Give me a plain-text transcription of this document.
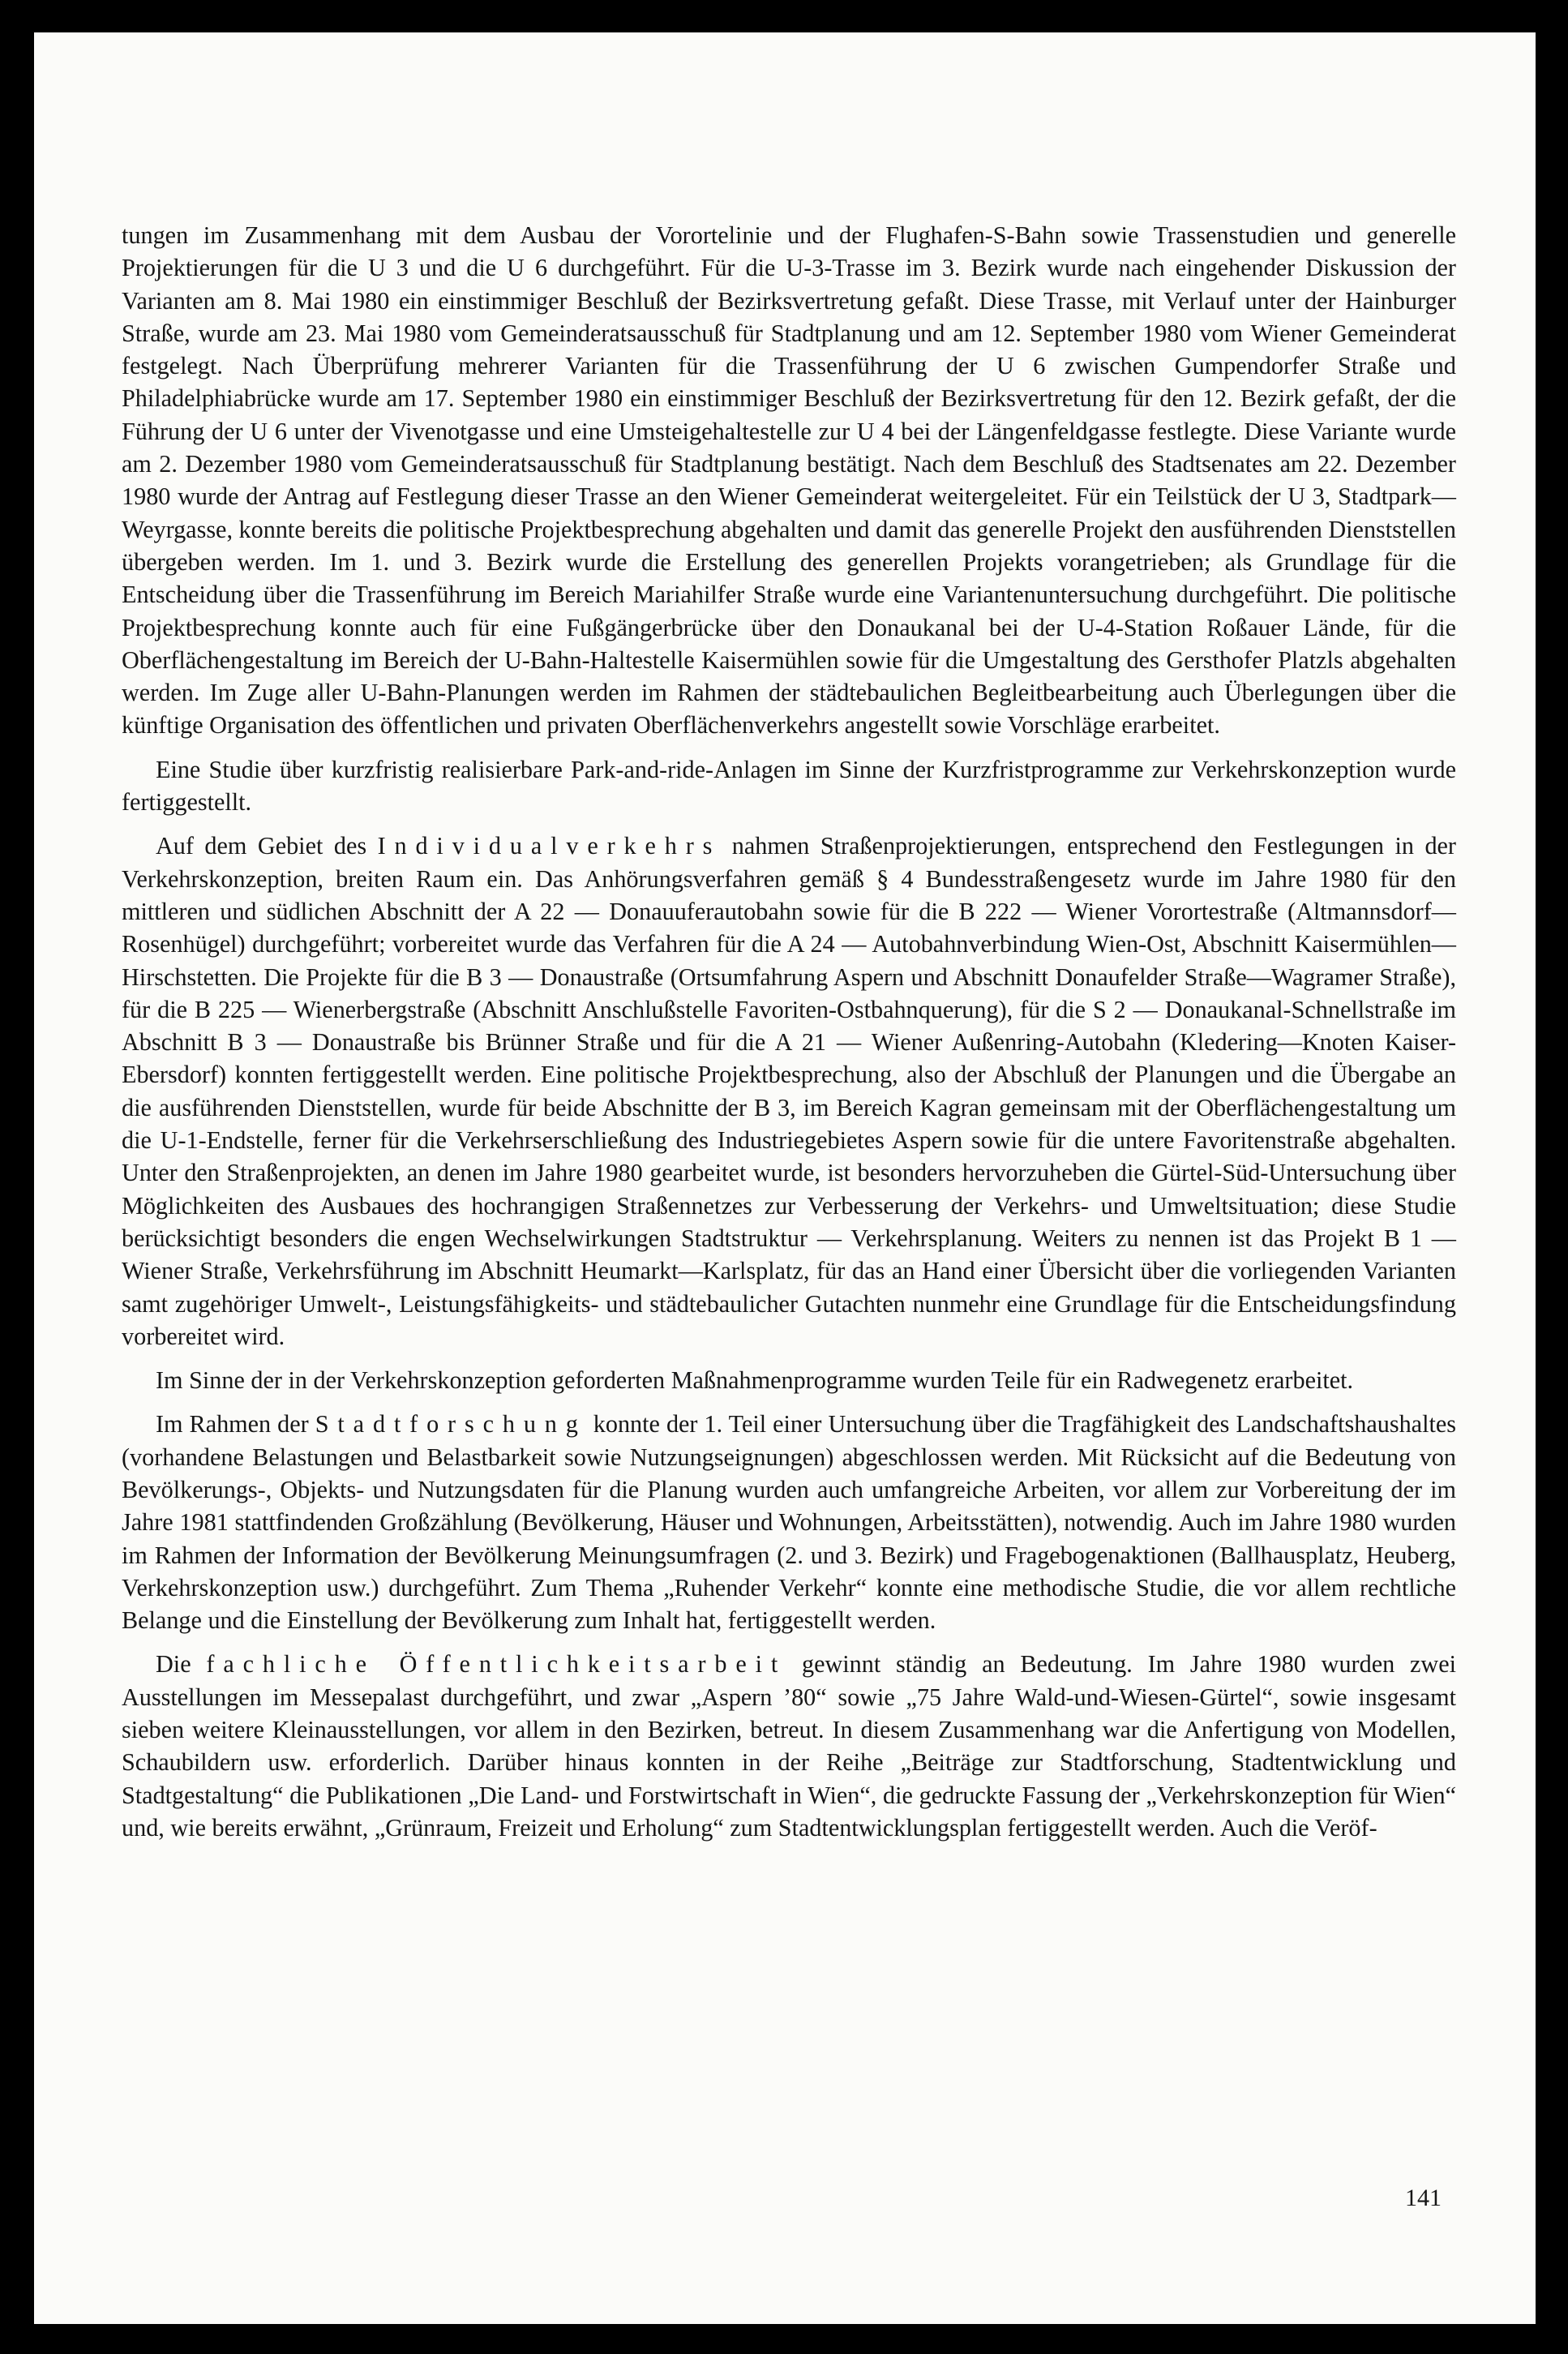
tungen im Zusammenhang mit dem Ausbau der Vorortelinie und der Flughafen-S-Bahn sowie Trassenstudien und generelle Projektierungen für die U 3 und die U 6 durchgeführt. Für die U-3-Trasse im 3. Bezirk wurde nach eingehender Diskussion der Varianten am 8. Mai 1980 ein einstimmiger Beschluß der Bezirksvertretung gefaßt. Diese Trasse, mit Verlauf unter der Hainburger Straße, wurde am 23. Mai 1980 vom Gemeinderatsausschuß für Stadtplanung und am 12. September 1980 vom Wiener Gemeinderat festgelegt. Nach Überprüfung mehrerer Varianten für die Trassenführung der U 6 zwischen Gumpendorfer Straße und Philadelphiabrücke wurde am 17. September 1980 ein einstimmiger Beschluß der Bezirksvertretung für den 12. Bezirk gefaßt, der die Führung der U 6 unter der Vivenotgasse und eine Umsteigehaltestelle zur U 4 bei der Längenfeldgasse festlegte. Diese Variante wurde am 2. Dezember 1980 vom Gemeinderatsausschuß für Stadtplanung bestätigt. Nach dem Beschluß des Stadtsenates am 22. Dezember 1980 wurde der Antrag auf Festlegung dieser Trasse an den Wiener Gemeinderat weitergeleitet. Für ein Teilstück der U 3, Stadtpark—Weyrgasse, konnte bereits die politische Projektbesprechung abgehalten und damit das generelle Projekt den ausführenden Dienststellen übergeben werden. Im 1. und 3. Bezirk wurde die Erstellung des generellen Projekts vorangetrieben; als Grundlage für die Entscheidung über die Trassenführung im Bereich Mariahilfer Straße wurde eine Variantenuntersuchung durchgeführt. Die politische Projektbesprechung konnte auch für eine Fußgängerbrücke über den Donaukanal bei der U-4-Station Roßauer Lände, für die Oberflächengestaltung im Bereich der U-Bahn-Haltestelle Kaisermühlen sowie für die Umgestaltung des Gersthofer Platzls abgehalten werden. Im Zuge aller U-Bahn-Planungen werden im Rahmen der städtebaulichen Begleitbearbeitung auch Überlegungen über die künftige Organisation des öffentlichen und privaten Oberflächenverkehrs angestellt sowie Vorschläge erarbeitet.

Eine Studie über kurzfristig realisierbare Park-and-ride-Anlagen im Sinne der Kurzfristprogramme zur Verkehrskonzeption wurde fertiggestellt.

Auf dem Gebiet des Individualverkehrs nahmen Straßenprojektierungen, entsprechend den Festlegungen in der Verkehrskonzeption, breiten Raum ein. Das Anhörungsverfahren gemäß § 4 Bundesstraßengesetz wurde im Jahre 1980 für den mittleren und südlichen Abschnitt der A 22 — Donauuferautobahn sowie für die B 222 — Wiener Vorortestraße (Altmannsdorf—Rosenhügel) durchgeführt; vorbereitet wurde das Verfahren für die A 24 — Autobahnverbindung Wien-Ost, Abschnitt Kaisermühlen—Hirschstetten. Die Projekte für die B 3 — Donaustraße (Ortsumfahrung Aspern und Abschnitt Donaufelder Straße—Wagramer Straße), für die B 225 — Wienerbergstraße (Abschnitt Anschlußstelle Favoriten-Ostbahnquerung), für die S 2 — Donaukanal-Schnellstraße im Abschnitt B 3 — Donaustraße bis Brünner Straße und für die A 21 — Wiener Außenring-Autobahn (Kledering—Knoten Kaiser-Ebersdorf) konnten fertiggestellt werden. Eine politische Projektbesprechung, also der Abschluß der Planungen und die Übergabe an die ausführenden Dienststellen, wurde für beide Abschnitte der B 3, im Bereich Kagran gemeinsam mit der Oberflächengestaltung um die U-1-Endstelle, ferner für die Verkehrserschließung des Industriegebietes Aspern sowie für die untere Favoritenstraße abgehalten. Unter den Straßenprojekten, an denen im Jahre 1980 gearbeitet wurde, ist besonders hervorzuheben die Gürtel-Süd-Untersuchung über Möglichkeiten des Ausbaues des hochrangigen Straßennetzes zur Verbesserung der Verkehrs- und Umweltsituation; diese Studie berücksichtigt besonders die engen Wechselwirkungen Stadtstruktur — Verkehrsplanung. Weiters zu nennen ist das Projekt B 1 — Wiener Straße, Verkehrsführung im Abschnitt Heumarkt—Karlsplatz, für das an Hand einer Übersicht über die vorliegenden Varianten samt zugehöriger Umwelt-, Leistungsfähigkeits- und städtebaulicher Gutachten nunmehr eine Grundlage für die Entscheidungsfindung vorbereitet wird.

Im Sinne der in der Verkehrskonzeption geforderten Maßnahmenprogramme wurden Teile für ein Radwegenetz erarbeitet.

Im Rahmen der Stadtforschung konnte der 1. Teil einer Untersuchung über die Tragfähigkeit des Landschaftshaushaltes (vorhandene Belastungen und Belastbarkeit sowie Nutzungseignungen) abgeschlossen werden. Mit Rücksicht auf die Bedeutung von Bevölkerungs-, Objekts- und Nutzungsdaten für die Planung wurden auch umfangreiche Arbeiten, vor allem zur Vorbereitung der im Jahre 1981 stattfindenden Großzählung (Bevölkerung, Häuser und Wohnungen, Arbeitsstätten), notwendig. Auch im Jahre 1980 wurden im Rahmen der Information der Bevölkerung Meinungsumfragen (2. und 3. Bezirk) und Fragebogenaktionen (Ballhausplatz, Heuberg, Verkehrskonzeption usw.) durchgeführt. Zum Thema „Ruhender Verkehr“ konnte eine methodische Studie, die vor allem rechtliche Belange und die Einstellung der Bevölkerung zum Inhalt hat, fertiggestellt werden.

Die fachliche Öffentlichkeitsarbeit gewinnt ständig an Bedeutung. Im Jahre 1980 wurden zwei Ausstellungen im Messepalast durchgeführt, und zwar „Aspern ’80“ sowie „75 Jahre Wald-und-Wiesen-Gürtel“, sowie insgesamt sieben weitere Kleinausstellungen, vor allem in den Bezirken, betreut. In diesem Zusammenhang war die Anfertigung von Modellen, Schaubildern usw. erforderlich. Darüber hinaus konnten in der Reihe „Beiträge zur Stadtforschung, Stadtentwicklung und Stadtgestaltung“ die Publikationen „Die Land- und Forstwirtschaft in Wien“, die gedruckte Fassung der „Verkehrskonzeption für Wien“ und, wie bereits erwähnt, „Grünraum, Freizeit und Erholung“ zum Stadtentwicklungsplan fertiggestellt werden. Auch die Veröf-

141
